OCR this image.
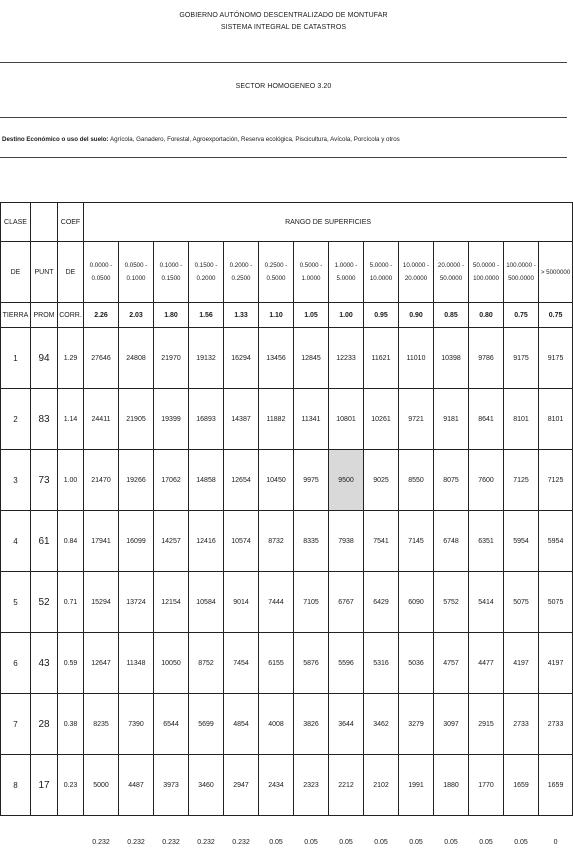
GOBIERNO AUTÓNOMO DESCENTRALIZADO DE MONTUFAR
SISTEMA INTEGRAL DE CATASTROS
SECTOR HOMOGENEO 3.20
Destino Económico o uso del suelo: Agrícola, Ganadero, Forestal, Agroexportación, Reserva ecológica, Piscicultura, Avícola, Porcícola y otros
CLASE		COEF	RANGO DE SUPERFICIES													
DE	PUNT	DE	0.0000 - 0.0500	0.0500 - 0.1000	0.1000 - 0.1500	0.1500 - 0.2000	0.2000 - 0.2500	0.2500 - 0.5000	0.5000 - 1.0000	1.0000 - 5.0000	5.0000 - 10.0000	10.0000 - 20.0000	20.0000 - 50.0000	50.0000 - 100.0000	100.0000 - 500.0000	> 5000000
TIERRA	PROM	CORR.	2.26	2.03	1.80	1.56	1.33	1.10	1.05	1.00	0.95	0.90	0.85	0.80	0.75	0.75
1	94	1.29	27646	24808	21970	19132	16294	13456	12845	12233	11621	11010	10398	9786	9175	9175
2	83	1.14	24411	21905	19399	16893	14387	11882	11341	10801	10261	9721	9181	8641	8101	8101
3	73	1.00	21470	19266	17062	14858	12654	10450	9975	9500	9025	8550	8075	7600	7125	7125
4	61	0.84	17941	16099	14257	12416	10574	8732	8335	7938	7541	7145	6748	6351	5954	5954
5	52	0.71	15294	13724	12154	10584	9014	7444	7105	6767	6429	6090	5752	5414	5075	5075
6	43	0.59	12647	11348	10050	8752	7454	6155	5876	5596	5316	5036	4757	4477	4197	4197
7	28	0.38	8235	7390	6544	5699	4854	4008	3826	3644	3462	3279	3097	2915	2733	2733
8	17	0.23	5000	4487	3973	3460	2947	2434	2323	2212	2102	1991	1880	1770	1659	1659
			0.232	0.232	0.232	0.232	0.232	0.05	0.05	0.05	0.05	0.05	0.05	0.05	0.05	0
